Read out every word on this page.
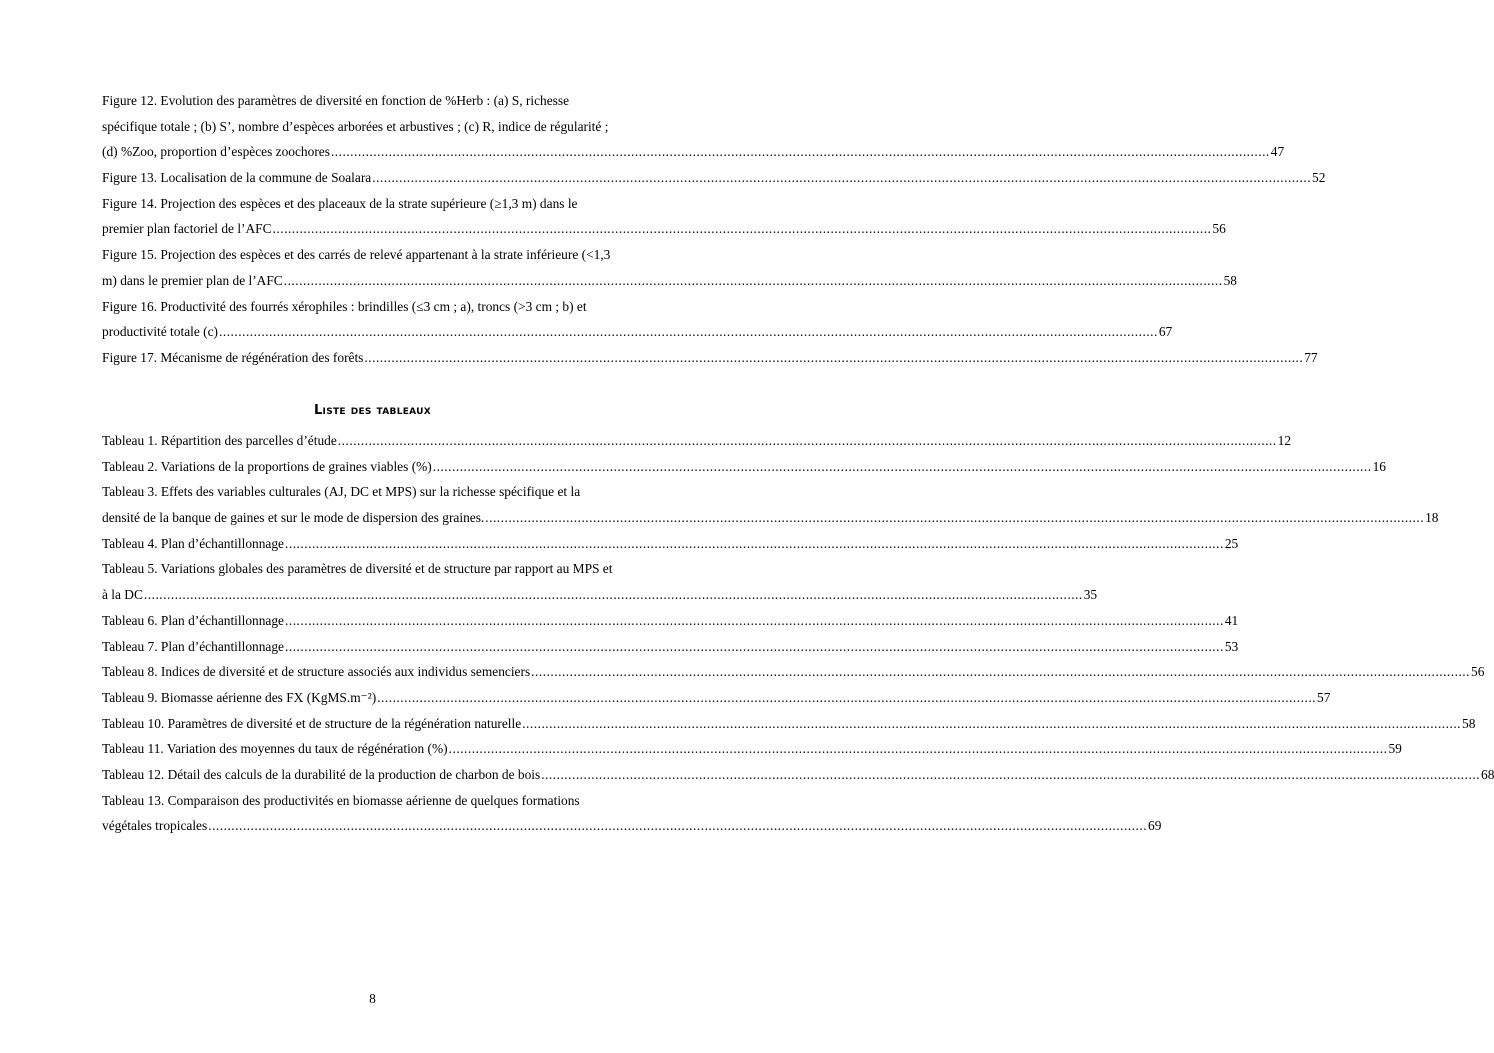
Figure 12. Evolution des paramètres de diversité en fonction de %Herb : (a) S, richesse
spécifique totale ; (b) S’, nombre d’espèces arborées et arbustives ; (c) R, indice de régularité ;
(d) %Zoo, proportion d’espèces zoochores .....	47
Figure 13. Localisation de la commune de Soalara .....	52
Figure 14. Projection des espèces et des placeaux de la strate supérieure (≥1,3 m) dans le
premier plan factoriel de l’AFC .....	56
Figure 15. Projection des espèces et des carrés de relevé appartenant à la strate inférieure (<1,3
m) dans le premier plan de l’AFC .....	58
Figure 16. Productivité des fourrés xérophiles : brindilles (≤3 cm ; a), troncs (>3 cm ; b) et
productivité totale (c) .....	67
Figure 17. Mécanisme de régénération des forêts .....	77
Liste des tableaux
Tableau 1. Répartition des parcelles d’étude .....	12
Tableau 2. Variations de la proportions de graines viables (%) .....	16
Tableau 3. Effets des variables culturales (AJ, DC et MPS) sur la richesse spécifique et la
densité de la banque de gaines et sur le mode de dispersion des graines. .....	18
Tableau 4. Plan d’échantillonnage .....	25
Tableau 5. Variations globales des paramètres de diversité et de structure par rapport au MPS et
à la DC .....	35
Tableau 6. Plan d’échantillonnage .....	41
Tableau 7. Plan d’échantillonnage .....	53
Tableau 8. Indices de diversité et de structure associés aux individus semenciers .....	56
Tableau 9. Biomasse aérienne des FX (KgMS.m⁻²) .....	57
Tableau 10. Paramètres de diversité et de structure de la régénération naturelle .....	58
Tableau 11. Variation des moyennes du taux de régénération (%) .....	59
Tableau 12. Détail des calculs de la durabilité de la production de charbon de bois .....	68
Tableau 13. Comparaison des productivités en biomasse aérienne de quelques formations
végétales tropicales .....	69
8
